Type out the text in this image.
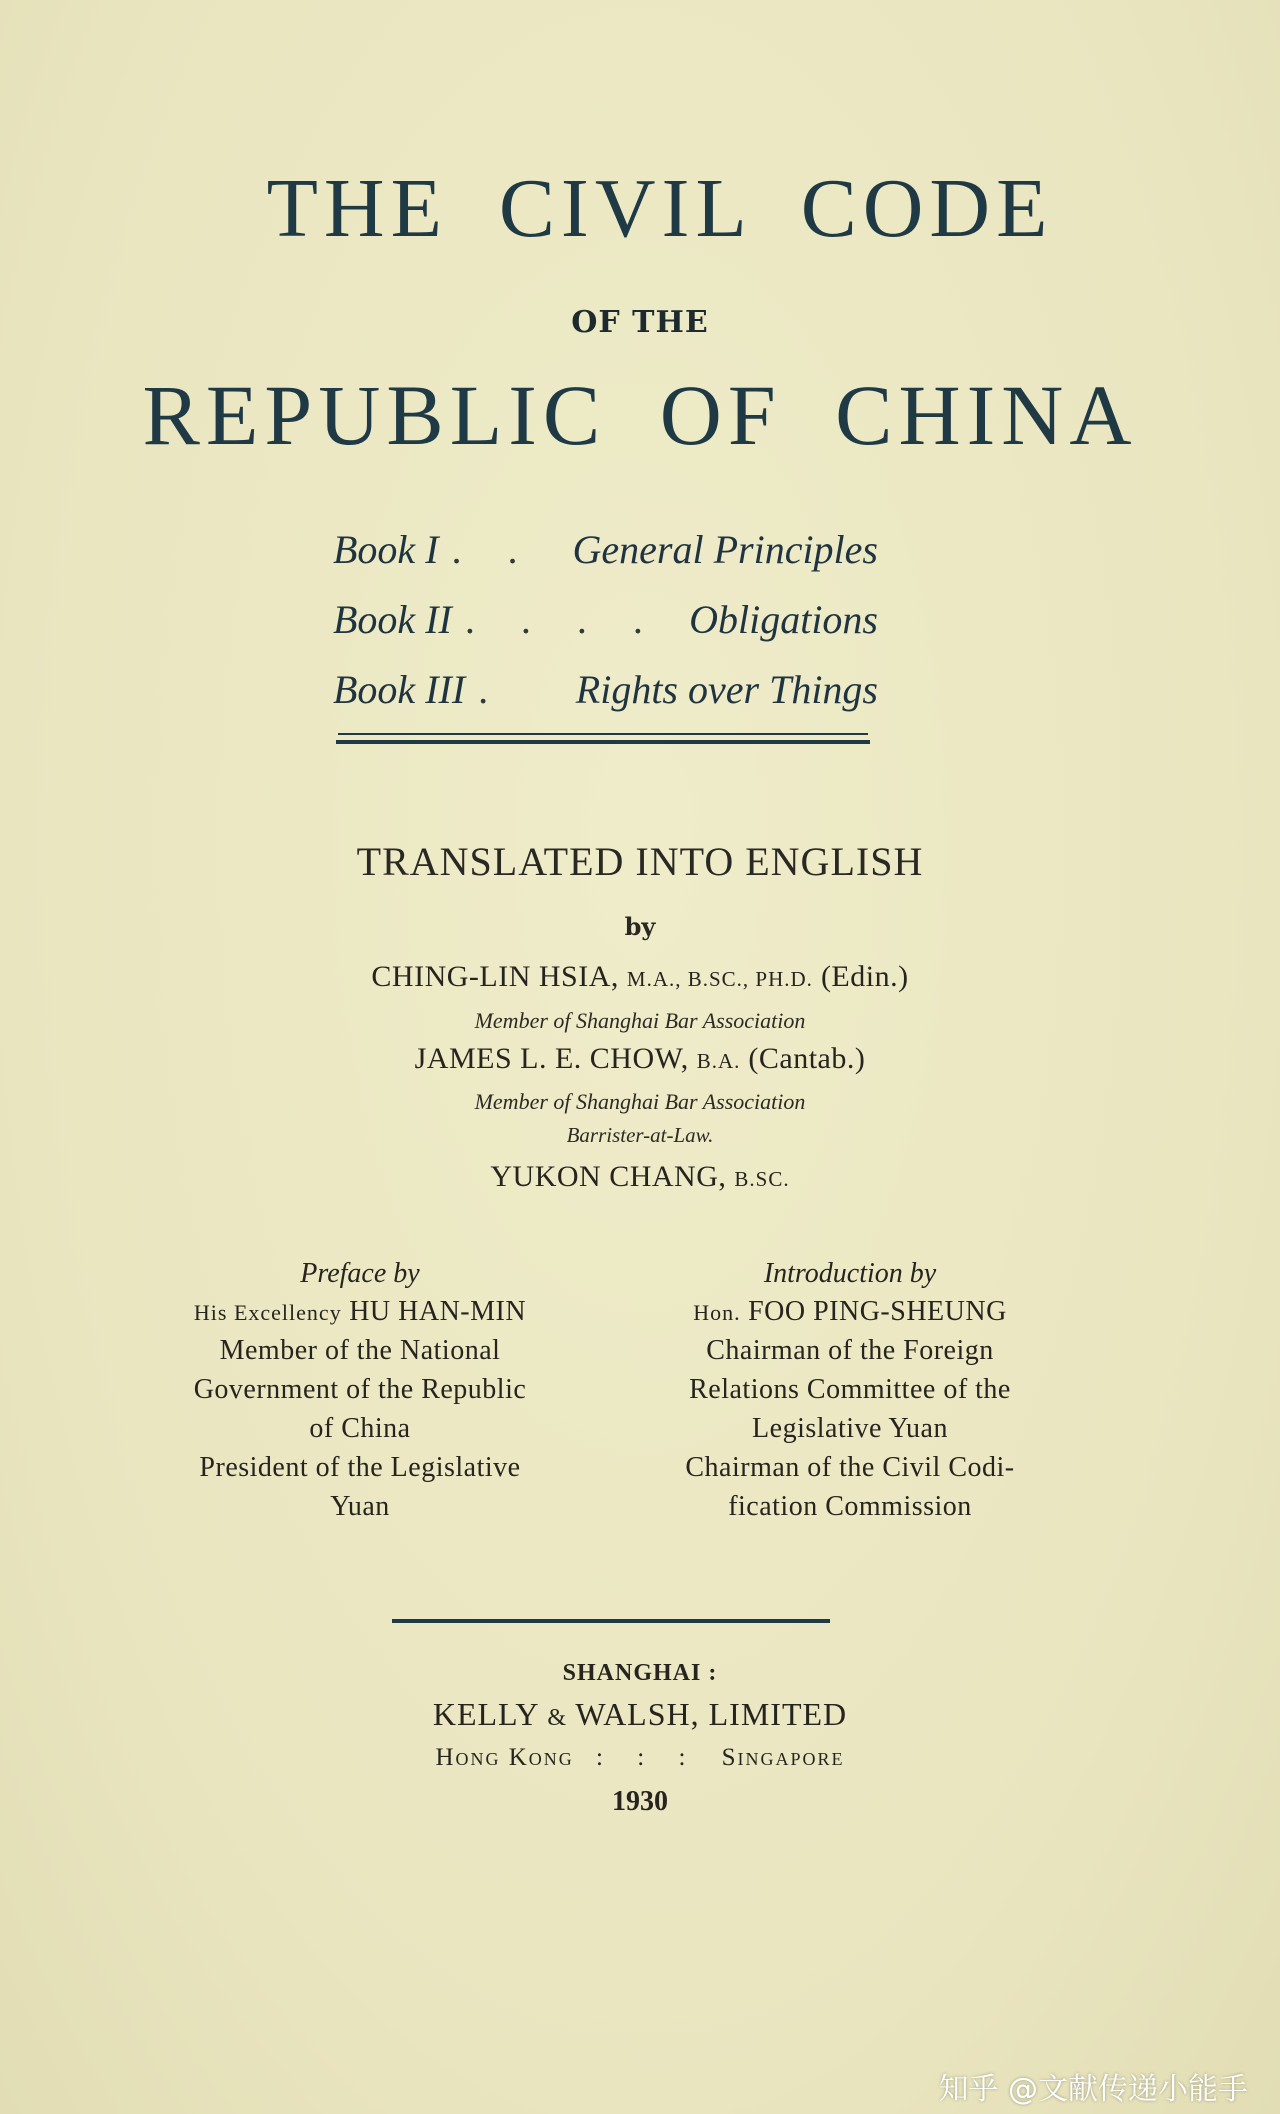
THE CIVIL CODE
OF THE
REPUBLIC OF CHINA
Book I . . General Principles
Book II . . . . Obligations
Book III .	Rights over Things
TRANSLATED INTO ENGLISH
by
CHING-LIN HSIA, M.A., B.SC., PH.D. (Edin.)
Member of Shanghai Bar Association
JAMES L. E. CHOW, B.A. (Cantab.)
Member of Shanghai Bar Association
Barrister-at-Law.
YUKON CHANG, B.SC.
Preface by
His Excellency HU HAN-MIN
Member of the National
Government of the Republic
of China
President of the Legislative
Yuan
Introduction by
Hon. FOO PING-SHEUNG
Chairman of the Foreign
Relations Committee of the
Legislative Yuan
Chairman of the Civil Codi-
fication Commission
SHANGHAI :
KELLY & WALSH, LIMITED
Hong Kong : : : Singapore
1930
知乎 @文献传递小能手
